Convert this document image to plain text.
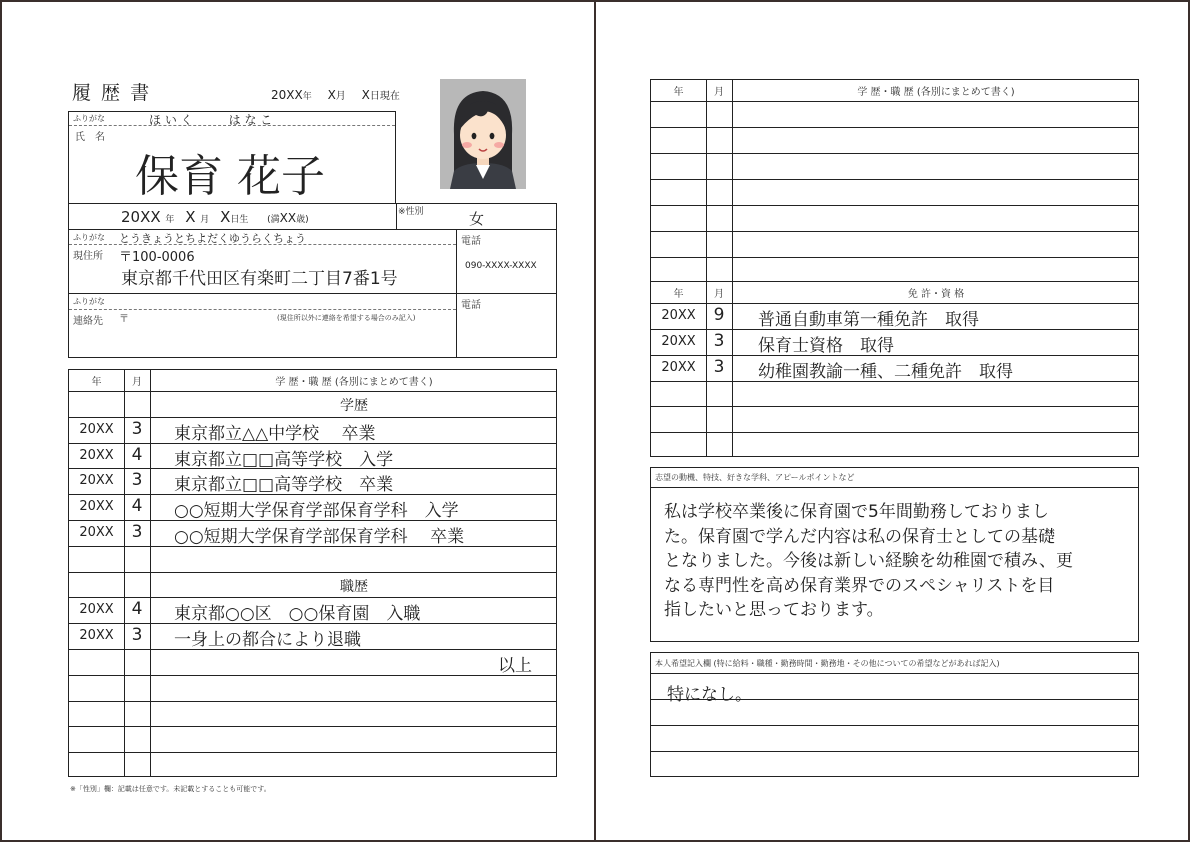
履 歴 書	20XX年 X月 X日現在
ふりがな	ほ い く　　　は な こ
氏　名
保育 花子
20XX 年 X 月 X日生 (満XX歳)
※性別	女
ふりがな とうきょうとちよだくゆうらくちょう
現住所 〒100-0006
東京都千代田区有楽町二丁目7番1号
電話
090-XXXX-XXXX
ふりがな
連絡先 〒	(現住所以外に連絡を希望する場合のみ記入)
電話
年	月	学 歴・職 歴 (各別にまとめて書く)
学歴
20XX	3	東京都立△△中学校　 卒業
20XX	4	東京都立□□高等学校　入学
20XX	3	東京都立□□高等学校　卒業
20XX	4	○○短期大学保育学部保育学科　入学
20XX	3	○○短期大学保育学部保育学科　 卒業
職歴
20XX	4	東京都○○区　○○保育園　入職
20XX	3	一身上の都合により退職
以上
※「性別」欄：記載は任意です。未記載とすることも可能です。
年	月	学 歴・職 歴 (各別にまとめて書く)
年	月	免 許・資 格
20XX	9	普通自動車第一種免許　取得
20XX	3	保育士資格　取得
20XX	3	幼稚園教諭一種、二種免許　取得
志望の動機、特技、好きな学科、アピールポイントなど
私は学校卒業後に保育園で5年間勤務しておりまし
た。保育園で学んだ内容は私の保育士としての基礎
となりました。今後は新しい経験を幼稚園で積み、更
なる専門性を高め保育業界でのスペシャリストを目
指したいと思っております。
本人希望記入欄 (特に給料・職種・勤務時間・勤務地・その他についての希望などがあれば記入)
特になし。
